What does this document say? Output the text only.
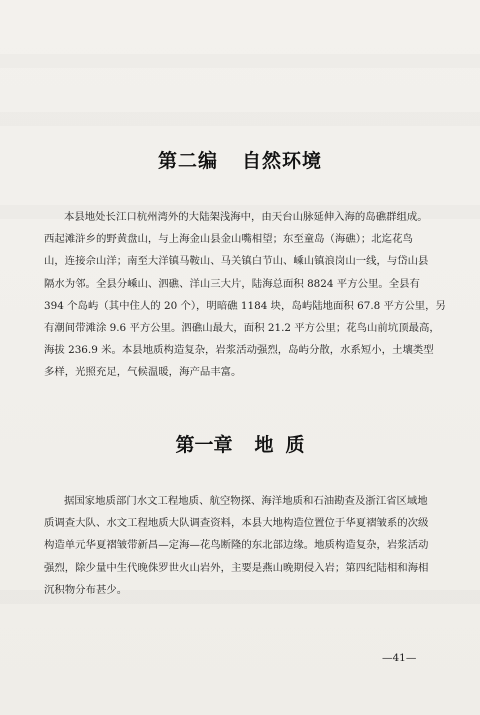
第二编 自然环境
本县地处长江口杭州湾外的大陆架浅海中，由天台山脉延伸入海的岛礁群组成。
西起滩浒乡的野黄盘山，与上海金山县金山嘴相望；东至童岛（海礁）；北迄花鸟
山，连接佘山洋；南至大洋镇马鞍山、马关镇白节山、嵊山镇浪岗山一线，与岱山县
隔水为邻。全县分嵊山、泗礁、洋山三大片，陆海总面积 8824 平方公里。全县有
394 个岛屿（其中住人的 20 个），明暗礁 1184 块，岛屿陆地面积 67.8 平方公里，另
有潮间带滩涂 9.6 平方公里。泗礁山最大，面积 21.2 平方公里；花鸟山前坑顶最高，
海拔 236.9 米。本县地质构造复杂，岩浆活动强烈，岛屿分散，水系短小，土壤类型
多样，光照充足，气候温暖，海产品丰富。
第一章 地 质
据国家地质部门水文工程地质、航空物探、海洋地质和石油勘查及浙江省区域地
质调查大队、水文工程地质大队调查资料，本县大地构造位置位于华夏褶皱系的次级
构造单元华夏褶皱带新昌—定海—花鸟断隆的东北部边缘。地质构造复杂，岩浆活动
强烈，除少量中生代晚侏罗世火山岩外，主要是燕山晚期侵入岩；第四纪陆相和海相
沉积物分布甚少。
—41—
